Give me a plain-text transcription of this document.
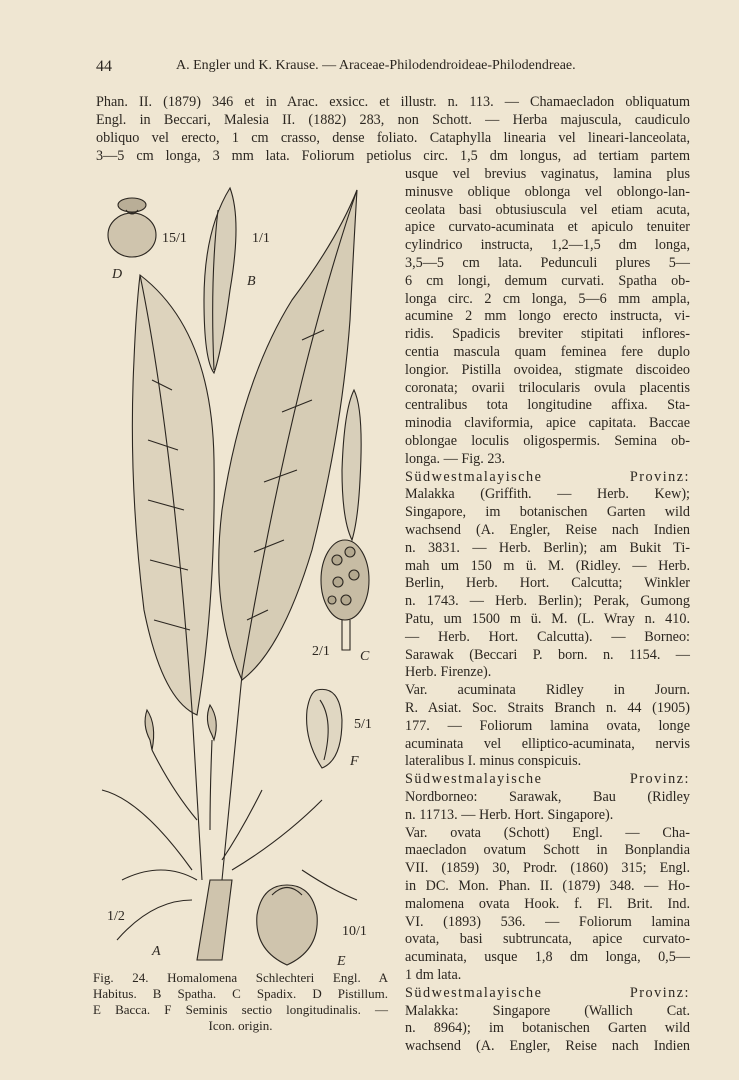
44	A. Engler und K. Krause. — Araceae-Philodendroideae-Philodendreae.
Phan. II. (1879) 346 et in Arac. exsicc. et illustr. n. 113. — Chamaecladon obliquatum
Engl. in Beccari, Malesia II. (1882) 283, non Schott. — Herba majuscula, caudiculo
obliquo vel erecto, 1 cm crasso, dense foliato. Cataphylla linearia vel lineari-lanceolata,
3—5 cm longa, 3 mm lata. Foliorum petiolus circ. 1,5 dm longus, ad tertiam partem
usque vel brevius vaginatus, lamina plus
minusve oblique oblonga vel oblongo-lan-
ceolata basi obtusiuscula vel etiam acuta,
apice curvato-acuminata et apiculo tenuiter
cylindrico instructa, 1,2—1,5 dm longa,
3,5—5 cm lata. Pedunculi plures 5—
6 cm longi, demum curvati. Spatha ob-
longa circ. 2 cm longa, 5—6 mm ampla,
acumine 2 mm longo erecto instructa, vi-
ridis. Spadicis breviter stipitati inflores-
centia mascula quam feminea fere duplo
longior. Pistilla ovoidea, stigmate discoideo
coronata; ovarii trilocularis ovula placentis
centralibus tota longitudine affixa. Sta-
minodia claviformia, apice capitata. Baccae
oblongae loculis oligospermis. Semina ob-
longa. — Fig. 23.
Südwestmalayische Provinz:
Malakka (Griffith. — Herb. Kew);
Singapore, im botanischen Garten wild
wachsend (A. Engler, Reise nach Indien
n. 3831. — Herb. Berlin); am Bukit Ti-
mah um 150 m ü. M. (Ridley. — Herb.
Berlin, Herb. Hort. Calcutta; Winkler
n. 1743. — Herb. Berlin); Perak, Gumong
Patu, um 1500 m ü. M. (L. Wray n. 410.
— Herb. Hort. Calcutta). — Borneo:
Sarawak (Beccari P. born. n. 1154. —
Herb. Firenze).
Var. acuminata Ridley in Journ.
R. Asiat. Soc. Straits Branch n. 44 (1905)
177. — Foliorum lamina ovata, longe
acuminata vel elliptico-acuminata, nervis
lateralibus I. minus conspicuis.
Südwestmalayische Provinz:
Nordborneo: Sarawak, Bau (Ridley
n. 11713. — Herb. Hort. Singapore).
Var. ovata (Schott) Engl. — Cha-
maecladon ovatum Schott in Bonplandia
VII. (1859) 30, Prodr. (1860) 315; Engl.
in DC. Mon. Phan. II. (1879) 348. — Ho-
malomena ovata Hook. f. Fl. Brit. Ind.
VI. (1893) 536. — Foliorum lamina
ovata, basi subtruncata, apice curvato-
acuminata, usque 1,8 dm longa, 0,5—
1 dm lata.
Südwestmalayische Provinz:
Malakka: Singapore (Wallich Cat.
n. 8964); im botanischen Garten wild
wachsend (A. Engler, Reise nach Indien
15/1
D
1/1
B
2/1 C
5/1
F
1/2
A
10/1
E
Fig. 24. Homalomena Schlechteri Engl. A
Habitus. B Spatha. C Spadix. D Pistillum.
E Bacca. F Seminis sectio longitudinalis. —
Icon. origin.
